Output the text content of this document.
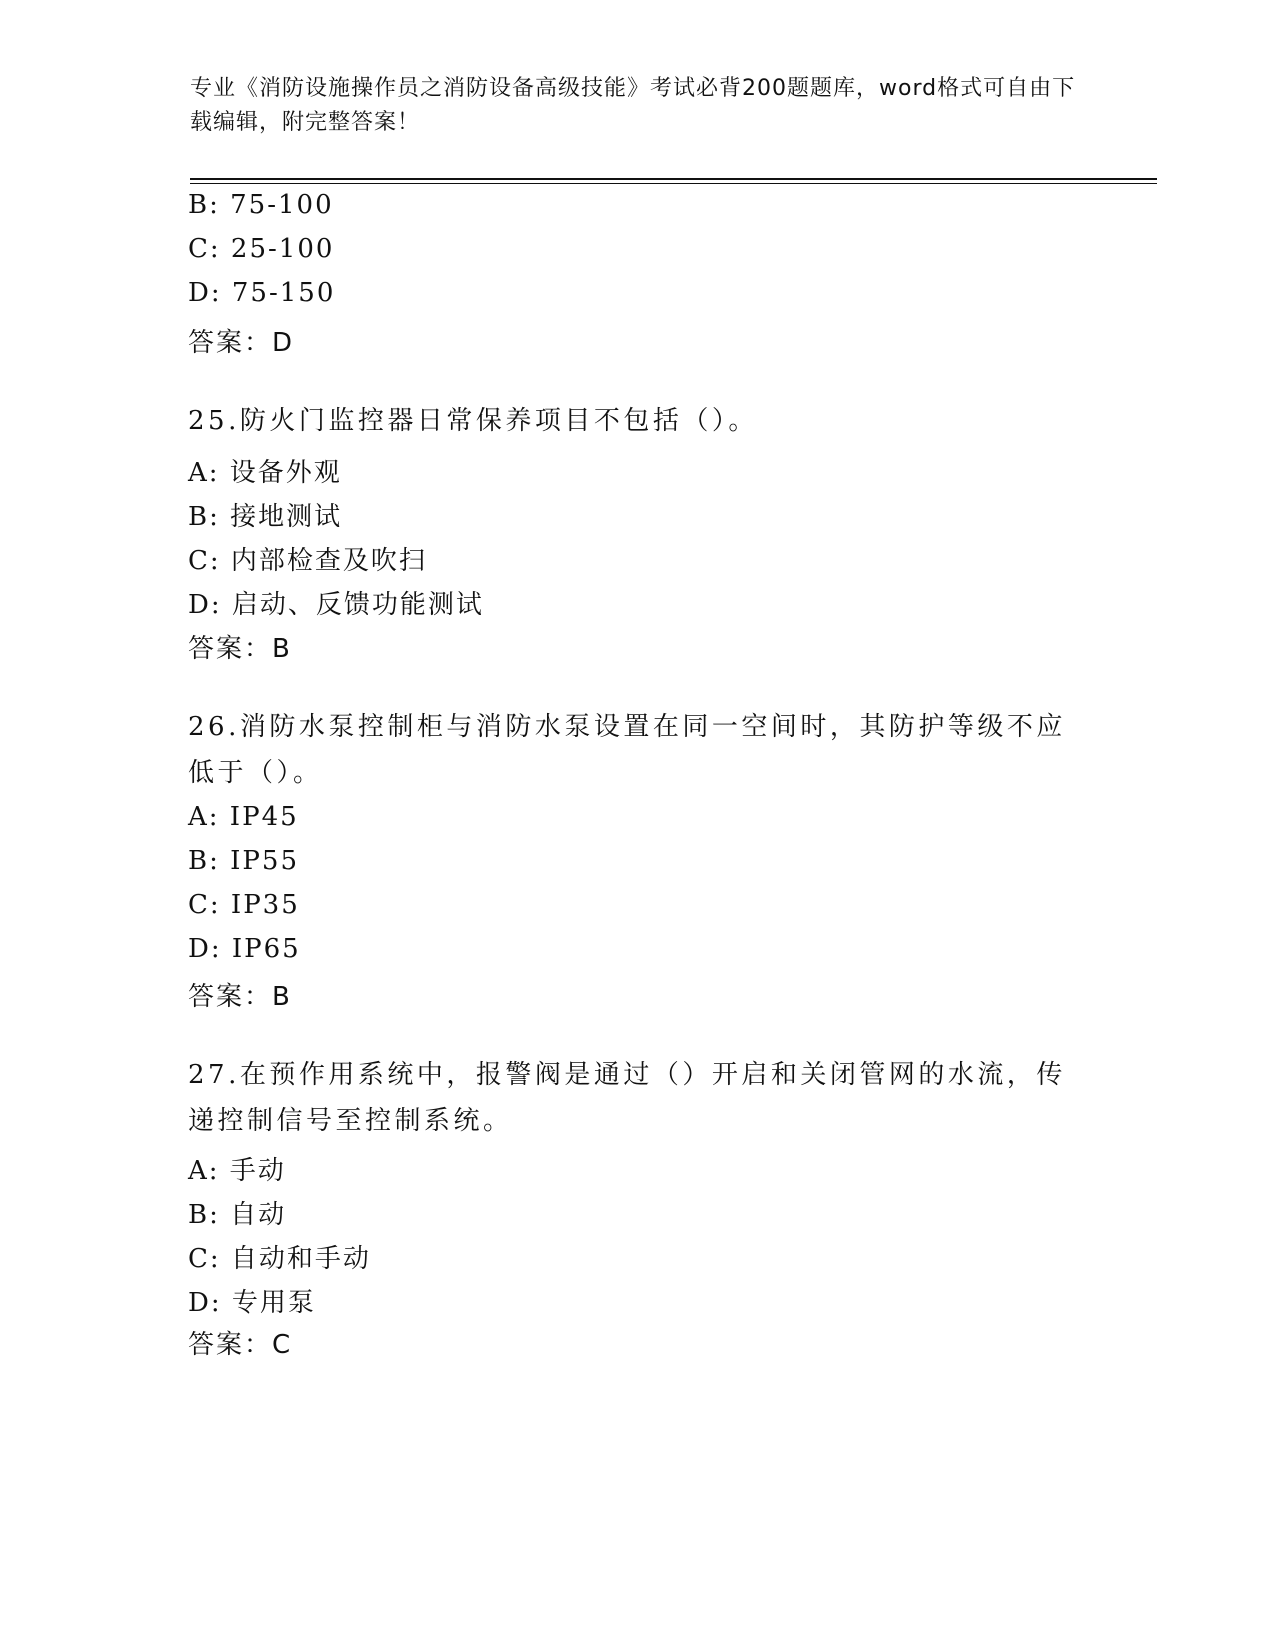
专业《消防设施操作员之消防设备高级技能》考试必背200题题库，word格式可自由下载编辑，附完整答案！
B: 75-100
C: 25-100
D: 75-150
答案：D
25.防火门监控器日常保养项目不包括（）。
A: 设备外观
B: 接地测试
C: 内部检查及吹扫
D: 启动、反馈功能测试
答案：B
26.消防水泵控制柜与消防水泵设置在同一空间时，其防护等级不应低于（）。
A: IP45
B: IP55
C: IP35
D: IP65
答案：B
27.在预作用系统中，报警阀是通过（）开启和关闭管网的水流，传递控制信号至控制系统。
A: 手动
B: 自动
C: 自动和手动
D: 专用泵
答案：C
